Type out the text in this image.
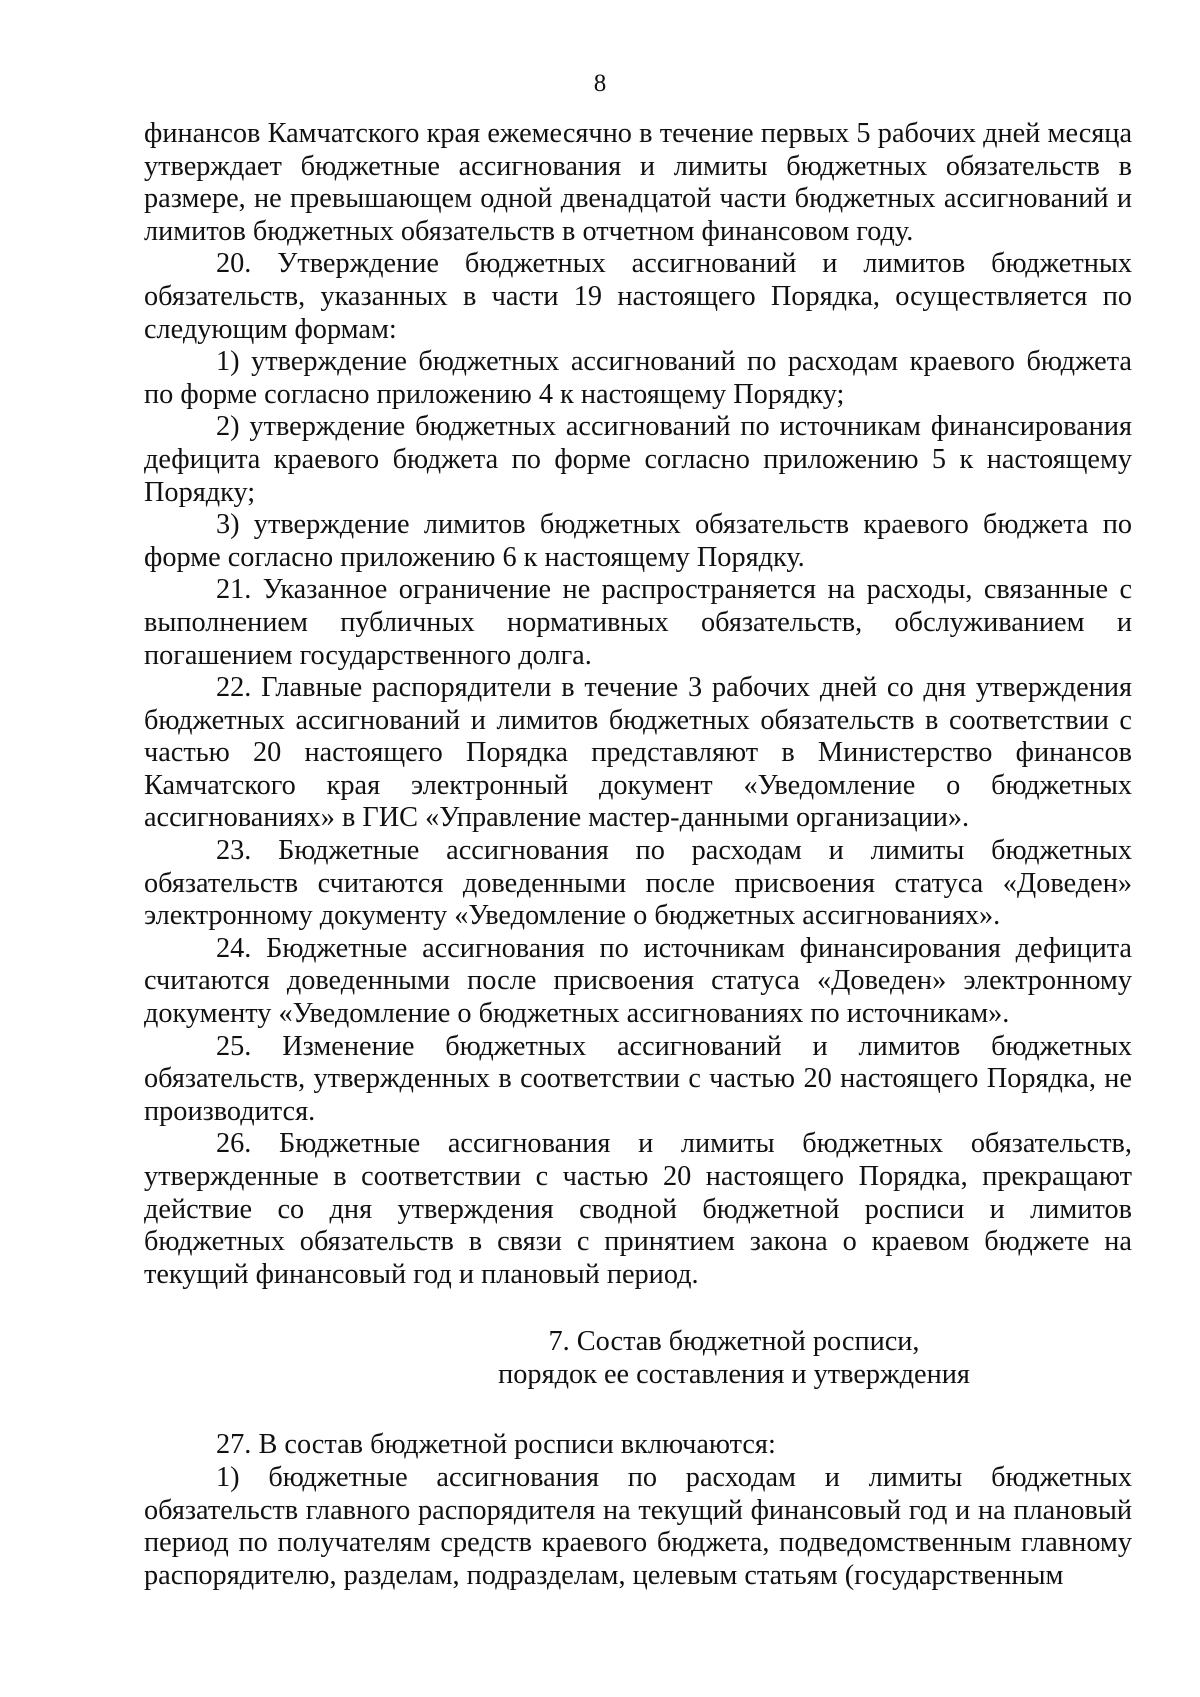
8

финансов Камчатского края ежемесячно в течение первых 5 рабочих дней месяца утверждает бюджетные ассигнования и лимиты бюджетных обязательств в размере, не превышающем одной двенадцатой части бюджетных ассигнований и лимитов бюджетных обязательств в отчетном финансовом году.

20. Утверждение бюджетных ассигнований и лимитов бюджетных обязательств, указанных в части 19 настоящего Порядка, осуществляется по следующим формам:

1) утверждение бюджетных ассигнований по расходам краевого бюджета по форме согласно приложению 4 к настоящему Порядку;

2) утверждение бюджетных ассигнований по источникам финансирования дефицита краевого бюджета по форме согласно приложению 5 к настоящему Порядку;

3) утверждение лимитов бюджетных обязательств краевого бюджета по форме согласно приложению 6 к настоящему Порядку.

21. Указанное ограничение не распространяется на расходы, связанные с выполнением публичных нормативных обязательств, обслуживанием и погашением государственного долга.

22. Главные распорядители в течение 3 рабочих дней со дня утверждения бюджетных ассигнований и лимитов бюджетных обязательств в соответствии с частью 20 настоящего Порядка представляют в Министерство финансов Камчатского края электронный документ «Уведомление о бюджетных ассигнованиях» в ГИС «Управление мастер-данными организации».

23. Бюджетные ассигнования по расходам и лимиты бюджетных обязательств считаются доведенными после присвоения статуса «Доведен» электронному документу «Уведомление о бюджетных ассигнованиях».

24. Бюджетные ассигнования по источникам финансирования дефицита считаются доведенными после присвоения статуса «Доведен» электронному документу «Уведомление о бюджетных ассигнованиях по источникам».

25. Изменение бюджетных ассигнований и лимитов бюджетных обязательств, утвержденных в соответствии с частью 20 настоящего Порядка, не производится.

26. Бюджетные ассигнования и лимиты бюджетных обязательств, утвержденные в соответствии с частью 20 настоящего Порядка, прекращают действие со дня утверждения сводной бюджетной росписи и лимитов бюджетных обязательств в связи с принятием закона о краевом бюджете на текущий финансовый год и плановый период.

7. Состав бюджетной росписи,
порядок ее составления и утверждения

27. В состав бюджетной росписи включаются:

1) бюджетные ассигнования по расходам и лимиты бюджетных обязательств главного распорядителя на текущий финансовый год и на плановый период по получателям средств краевого бюджета, подведомственным главному распорядителю, разделам, подразделам, целевым статьям (государственным
